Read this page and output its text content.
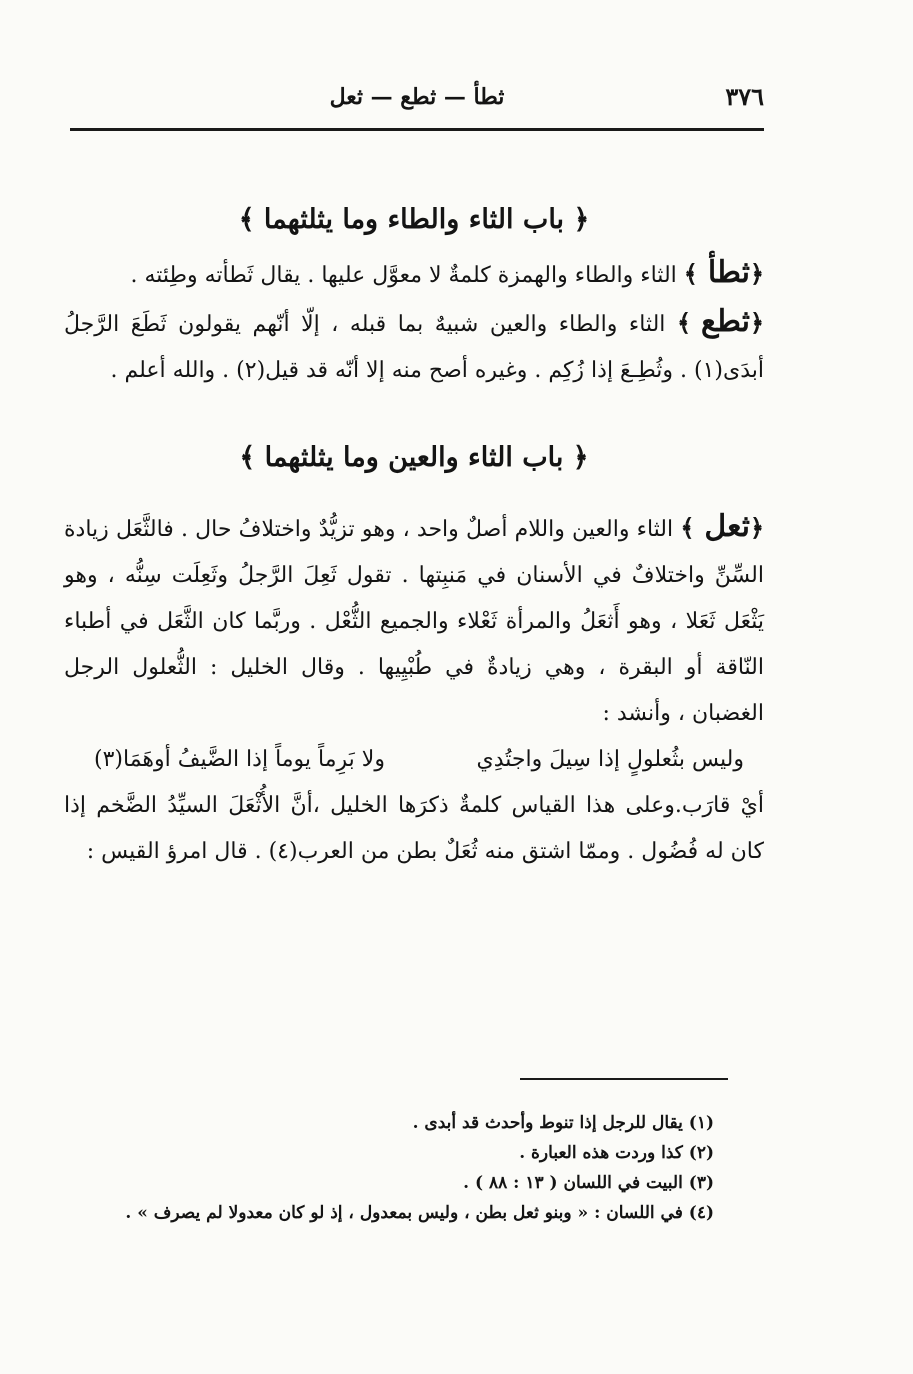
٣٧٦
ثطأ — ثطع — ثعل
﴿ باب الثاء والطاء وما يثلثهما ﴾

﴿ثطأ﴾ الثاء والطاء والهمزة كلمةٌ لا معوَّل عليها . يقال ثَطأته وطِئته .

﴿ثطع﴾ الثاء والطاء والعين شبيهٌ بما قبله ، إلّا أنّهم يقولون ثَطَعَ الرَّجلُ أبدَى(١) . وثُطِـعَ إذا زُكِم . وغيره أصح منه إلا أنّه قد قيل(٢) . والله أعلم .

﴿ باب الثاء والعين وما يثلثهما ﴾

﴿ثعل﴾ الثاء والعين واللام أصلٌ واحد ، وهو تزيُّدٌ واختلافُ حال . فالثَّعَل زيادة السِّنِّ واختلافٌ في الأسنان في مَنبِتها . تقول ثَعِلَ الرَّجلُ وثَعِلَت سِنُّه ، وهو يَثْعَل ثَعَلا ، وهو أَثعَلُ والمرأة ثَعْلاء والجميع الثُّعْل . وربَّما كان الثَّعَل في أطباء النّاقة أو البقرة ، وهي زيادةٌ في طُبْيِيها . وقال الخليل : الثُّعلول الرجل الغضبان ، وأنشد :

وليس بثُعلولٍ إذا سِيلَ واجتُدِي
ولا بَرِماً يوماً إذا الضَّيفُ أوهَمَا(٣)

أيْ قارَب.وعلى هذا القياس كلمةٌ ذكرَها الخليل ،أنَّ الأُثْعَلَ السيِّدُ الضَّخم إذا كان له فُضُول . وممّا اشتق منه ثُعَلٌ بطن من العرب(٤) . قال امرؤ القيس :

(١) يقال للرجل إذا تنوط وأحدث قد أبدى .
(٢) كذا وردت هذه العبارة .
(٣) البيت في اللسان ( ١٣ : ٨٨ ) .
(٤) في اللسان : « وبنو ثعل بطن ، وليس بمعدول ، إذ لو كان معدولا لم يصرف » .
